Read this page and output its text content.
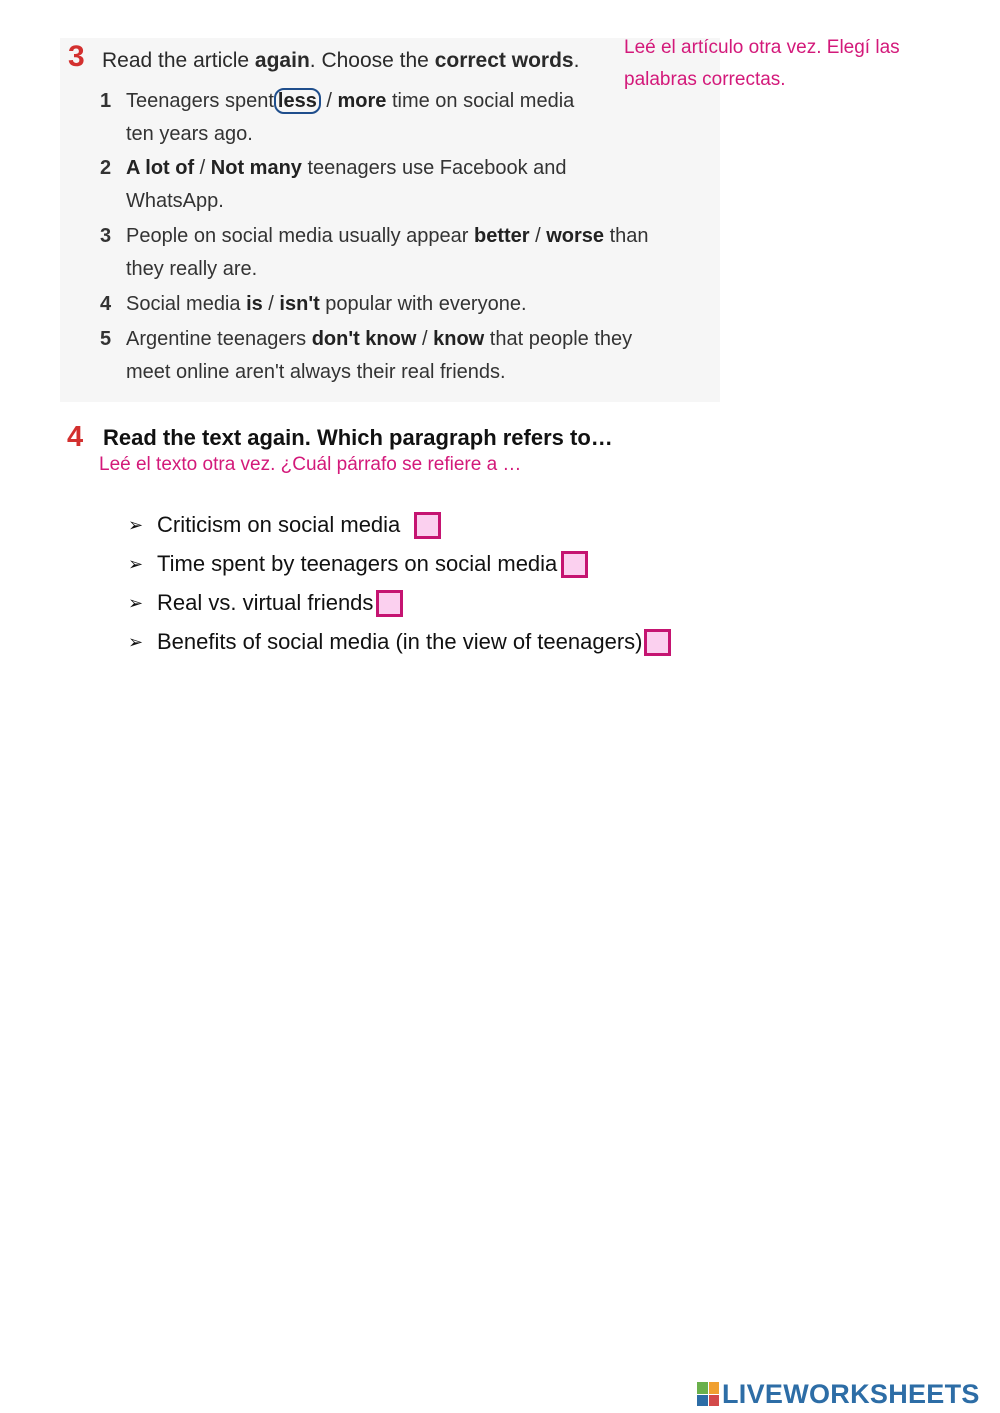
3 Read the article again. Choose the correct words.
1 Teenagers spent less / more time on social media
ten years ago.
2 A lot of / Not many teenagers use Facebook and
WhatsApp.
3 People on social media usually appear better / worse than
they really are.
4 Social media is / isn't popular with everyone.
5 Argentine teenagers don't know / know that people they
meet online aren't always their real friends.
Leé el artículo otra vez. Elegí las palabras correctas.
4 Read the text again. Which paragraph refers to…
Leé el texto otra vez. ¿Cuál párrafo se refiere a …
➢ Criticism on social media
➢ Time spent by teenagers on social media
➢ Real vs. virtual friends
➢ Benefits of social media (in the view of teenagers)
LIVEWORKSHEETS
